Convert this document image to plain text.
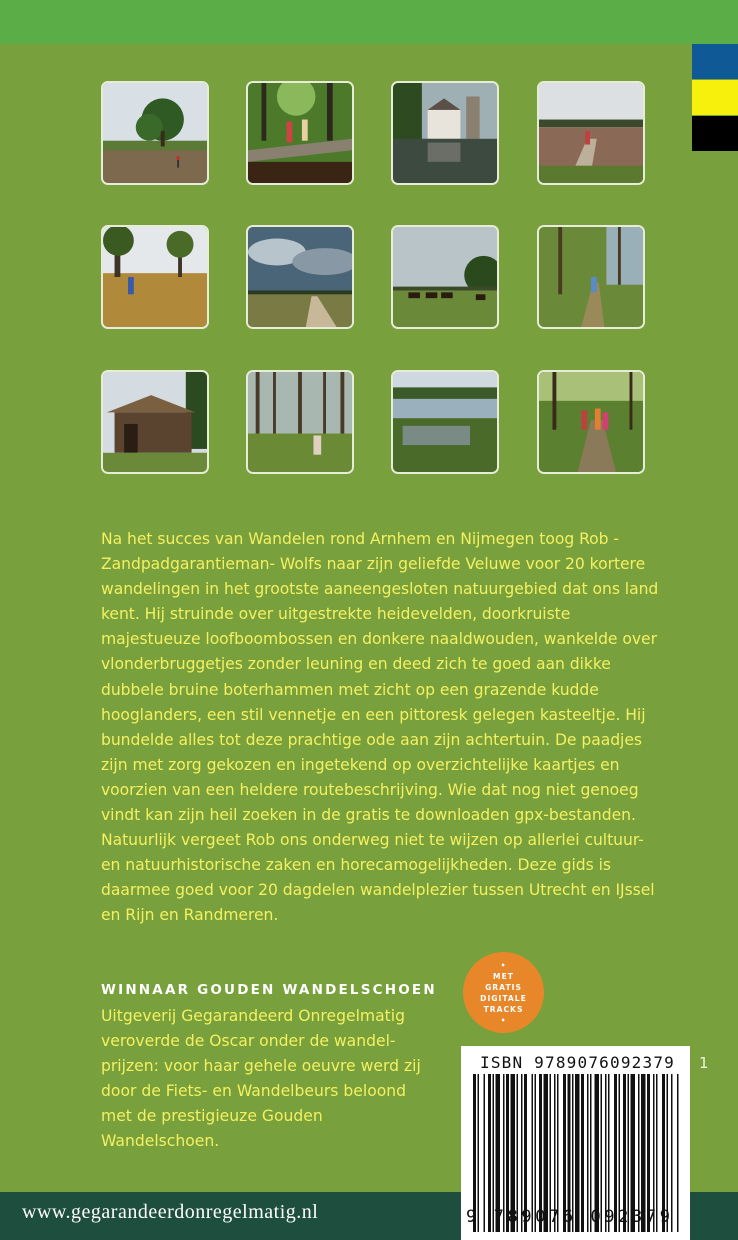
Na het succes van Wandelen rond Arnhem en Nijmegen toog Rob -Zandpadgarantieman- Wolfs naar zijn geliefde Veluwe voor 20 kortere wandelingen in het grootste aaneengesloten natuurgebied dat ons land kent. Hij struinde over uitgestrekte heidevelden, doorkruiste majestueuze loofboombossen en donkere naaldwouden, wankelde over vlonderbruggetjes zonder leuning en deed zich te goed aan dikke dubbele bruine boterhammen met zicht op een grazende kudde hooglanders, een stil vennetje en een pittoresk gelegen kasteeltje. Hij bundelde alles tot deze prachtige ode aan zijn achtertuin. De paadjes zijn met zorg gekozen en ingetekend op overzichtelijke kaartjes en voorzien van een heldere routebeschrijving. Wie dat nog niet genoeg vindt kan zijn heil zoeken in de gratis te downloaden gpx-bestanden. Natuurlijk vergeet Rob ons onderweg niet te wijzen op allerlei cultuur- en natuurhistorische zaken en horecamogelijkheden. Deze gids is daarmee goed voor 20 dagdelen wandelplezier tussen Utrecht en IJssel en Rijn en Randmeren.

WINNAAR GOUDEN WANDELSCHOEN

Uitgeverij Gegarandeerd Onregelmatig veroverde de Oscar onder de wandel-prijzen: voor haar gehele oeuvre werd zij door de Fiets- en Wandelbeurs beloond met de prestigieuze Gouden Wandelschoen.

•
MET
GRATIS
DIGITALE
TRACKS
•
www.gegarandeerdonregelmatig.nl
ISBN 9789076092379
9 789076 092379
1
